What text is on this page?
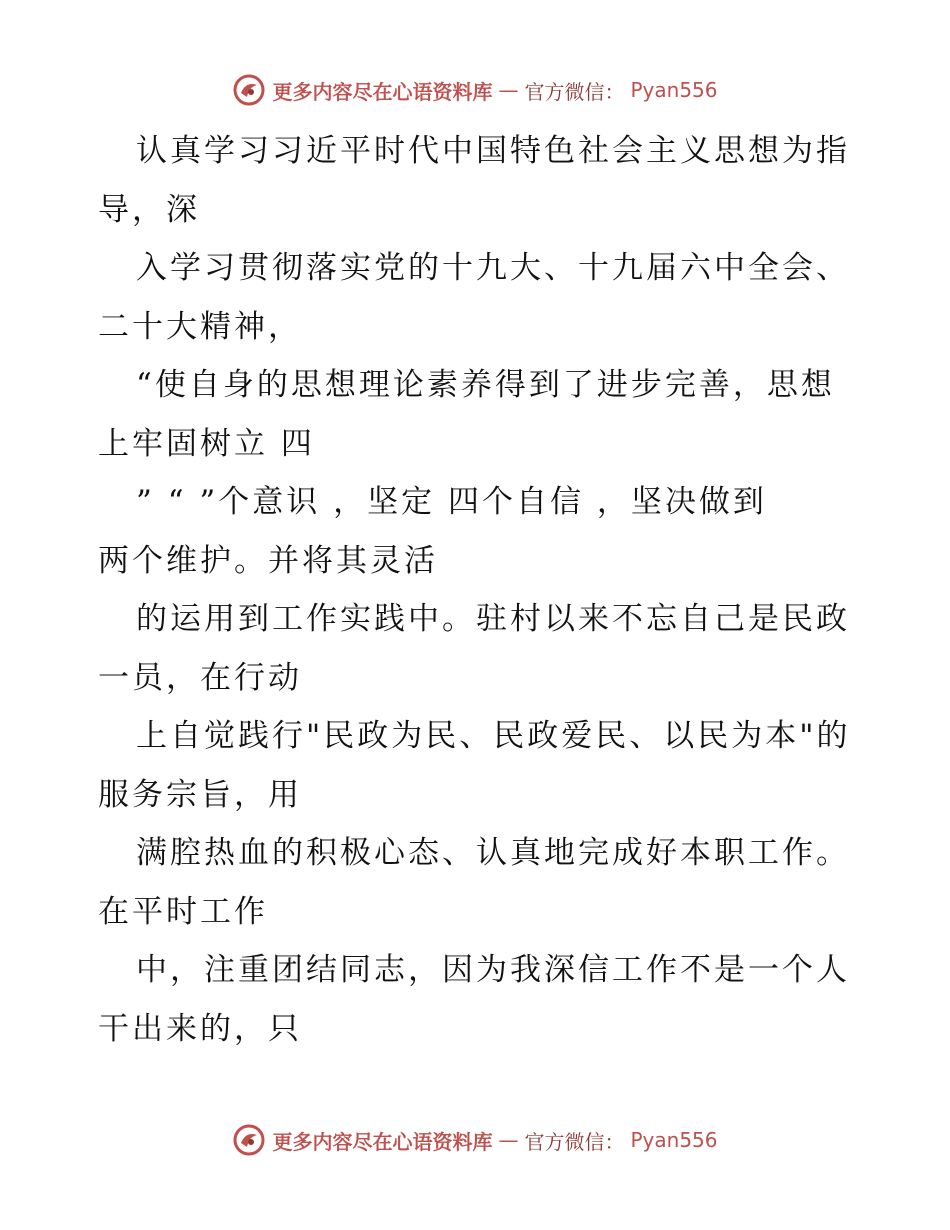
更多内容尽在心语资料库 — 官方微信： Pyan556
认真学习习近平时代中国特色社会主义思想为指
导，深
入学习贯彻落实党的十九大、十九届六中全会、
二十大精神，
“使自身的思想理论素养得到了进步完善，思想
上牢固树立 四
” “ ”个意识 ，坚定 四个自信 ，坚决做到
两个维护。并将其灵活
的运用到工作实践中。驻村以来不忘自己是民政
一员，在行动
上自觉践行"民政为民、民政爱民、以民为本"的
服务宗旨，用
满腔热血的积极心态、认真地完成好本职工作。
在平时工作
中，注重团结同志，因为我深信工作不是一个人
干出来的，只
更多内容尽在心语资料库 — 官方微信： Pyan556
